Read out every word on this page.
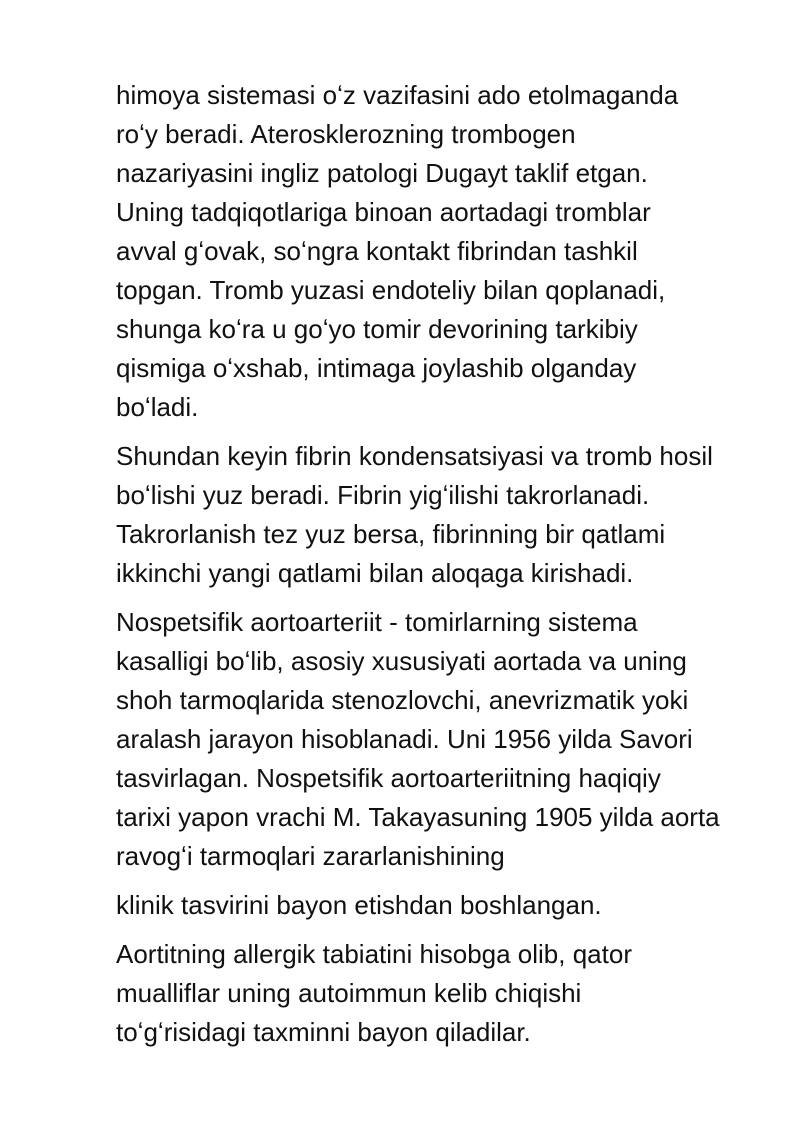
himoya sistemasi oʻz vazifasini ado etolmaganda
roʻy beradi. Aterosklerozning trombogen
nazariyasini ingliz patologi Dugayt taklif etgan.
Uning tadqiqotlariga binoan aortadagi tromblar
avval gʻovak, soʻngra kontakt fibrindan tashkil
topgan. Tromb yuzasi endoteliy bilan qoplanadi,
shunga koʻra u goʻyo tomir devorining tarkibiy
qismiga oʻxshab, intimaga joylashib olganday
boʻladi.

Shundan keyin fibrin kondensatsiyasi va tromb hosil
boʻlishi yuz beradi. Fibrin yigʻilishi takrorlanadi.
Takrorlanish tez yuz bersa, fibrinning bir qatlami
ikkinchi yangi qatlami bilan aloqaga kirishadi.

Nospetsifik aortoarteriit - tomirlarning sistema
kasalligi boʻlib, asosiy xususiyati aortada va uning
shoh tarmoqlarida stenozlovchi, anevrizmatik yoki
aralash jarayon hisoblanadi. Uni 1956 yilda Savori
tasvirlagan. Nospetsifik aortoarteriitning haqiqiy
tarixi yapon vrachi M. Takayasuning 1905 yilda aorta
ravogʻi tarmoqlari zararlanishining

klinik tasvirini bayon etishdan boshlangan.

Aortitning allergik tabiatini hisobga olib, qator
mualliflar uning autoimmun kelib chiqishi
toʻgʻrisidagi taxminni bayon qiladilar.
